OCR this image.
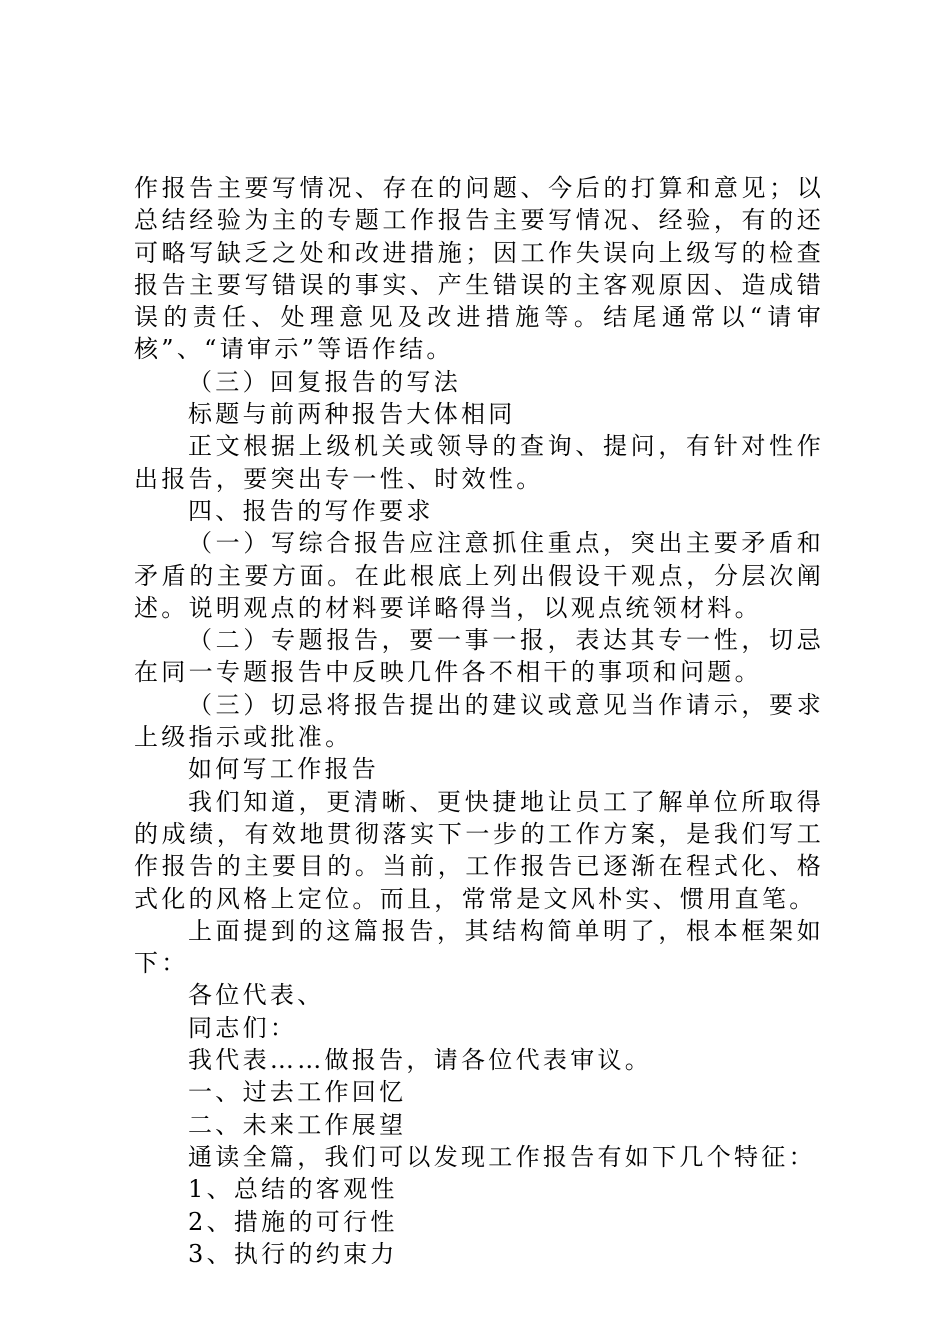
作报告主要写情况、存在的问题、今后的打算和意见；以总结经验为主的专题工作报告主要写情况、经验，有的还可略写缺乏之处和改进措施；因工作失误向上级写的检查报告主要写错误的事实、产生错误的主客观原因、造成错误的责任、处理意见及改进措施等。结尾通常以“请审核”、“请审示”等语作结。

（三）回复报告的写法

标题与前两种报告大体相同

正文根据上级机关或领导的查询、提问，有针对性作出报告，要突出专一性、时效性。

四、报告的写作要求

（一）写综合报告应注意抓住重点，突出主要矛盾和矛盾的主要方面。在此根底上列出假设干观点，分层次阐述。说明观点的材料要详略得当，以观点统领材料。

（二）专题报告，要一事一报，表达其专一性，切忌在同一专题报告中反映几件各不相干的事项和问题。

（三）切忌将报告提出的建议或意见当作请示，要求上级指示或批准。

如何写工作报告

我们知道，更清晰、更快捷地让员工了解单位所取得的成绩，有效地贯彻落实下一步的工作方案，是我们写工作报告的主要目的。当前，工作报告已逐渐在程式化、格式化的风格上定位。而且，常常是文风朴实、惯用直笔。

上面提到的这篇报告，其结构简单明了，根本框架如下：

各位代表、

同志们：

我代表……做报告，请各位代表审议。

一、过去工作回忆

二、未来工作展望

通读全篇，我们可以发现工作报告有如下几个特征：

1、总结的客观性

2、措施的可行性

3、执行的约束力
